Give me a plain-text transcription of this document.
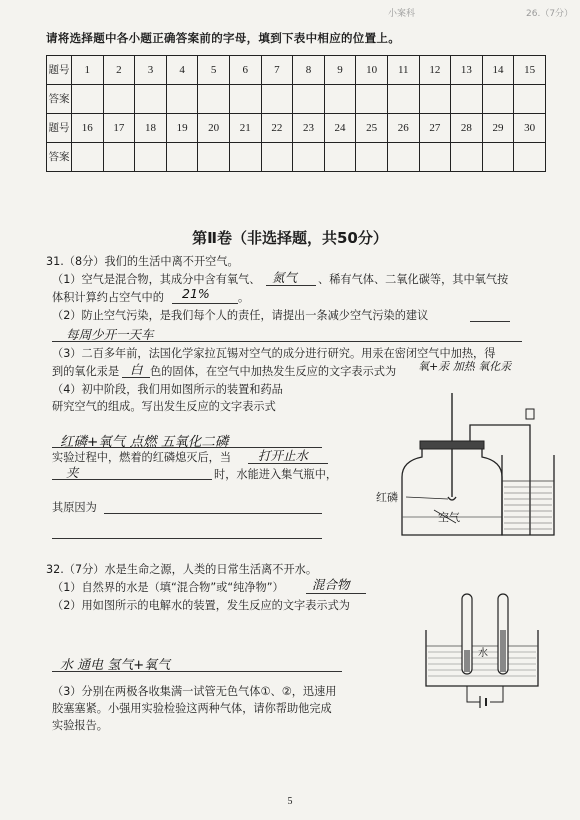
小案科	26.（7分）
请将选择题中各小题正确答案前的字母，填到下表中相应的位置上。
题号	1	2	3	4	5	6	7	8	9	10	11	12	13	14	15
答案															
题号	16	17	18	19	20	21	22	23	24	25	26	27	28	29	30
答案															
第Ⅱ卷（非选择题，共50分）
31.（8分）我们的生活中离不开空气。
（1）空气是混合物，其成分中含有氧气、 氮气 、稀有气体、二氧化碳等，其中氧气按
体积计算约占空气中的 21%	。
（2）防止空气污染，是我们每个人的责任，请提出一条减少空气污染的建议
每周少开一天车
（3）二百多年前，法国化学家拉瓦锡对空气的成分进行研究。用汞在密闭空气中加热，得
到的氧化汞是 白 色的固体，在空气中加热发生反应的文字表示式为 氧+汞 加热 氧化汞
（4）初中阶段，我们用如图所示的装置和药品
研究空气的组成。写出发生反应的文字表示式
红磷+氧气 点燃 五氧化二磷
实验过程中，燃着的红磷熄灭后，当 打开止水
夹	时，水能进入集气瓶中，
其原因为
红磷
空气
32.（7分）水是生命之源，人类的日常生活离不开水。
（1）自然界的水是（填“混合物”或“纯净物”） 混合物
（2）用如图所示的电解水的装置，发生反应的文字表示式为
水 通电 氢气+氧气
（3）分别在两极各收集满一试管无色气体①、②，迅速用
胶塞塞紧。小强用实验检验这两种气体，请你帮助他完成
实验报告。
水
5
